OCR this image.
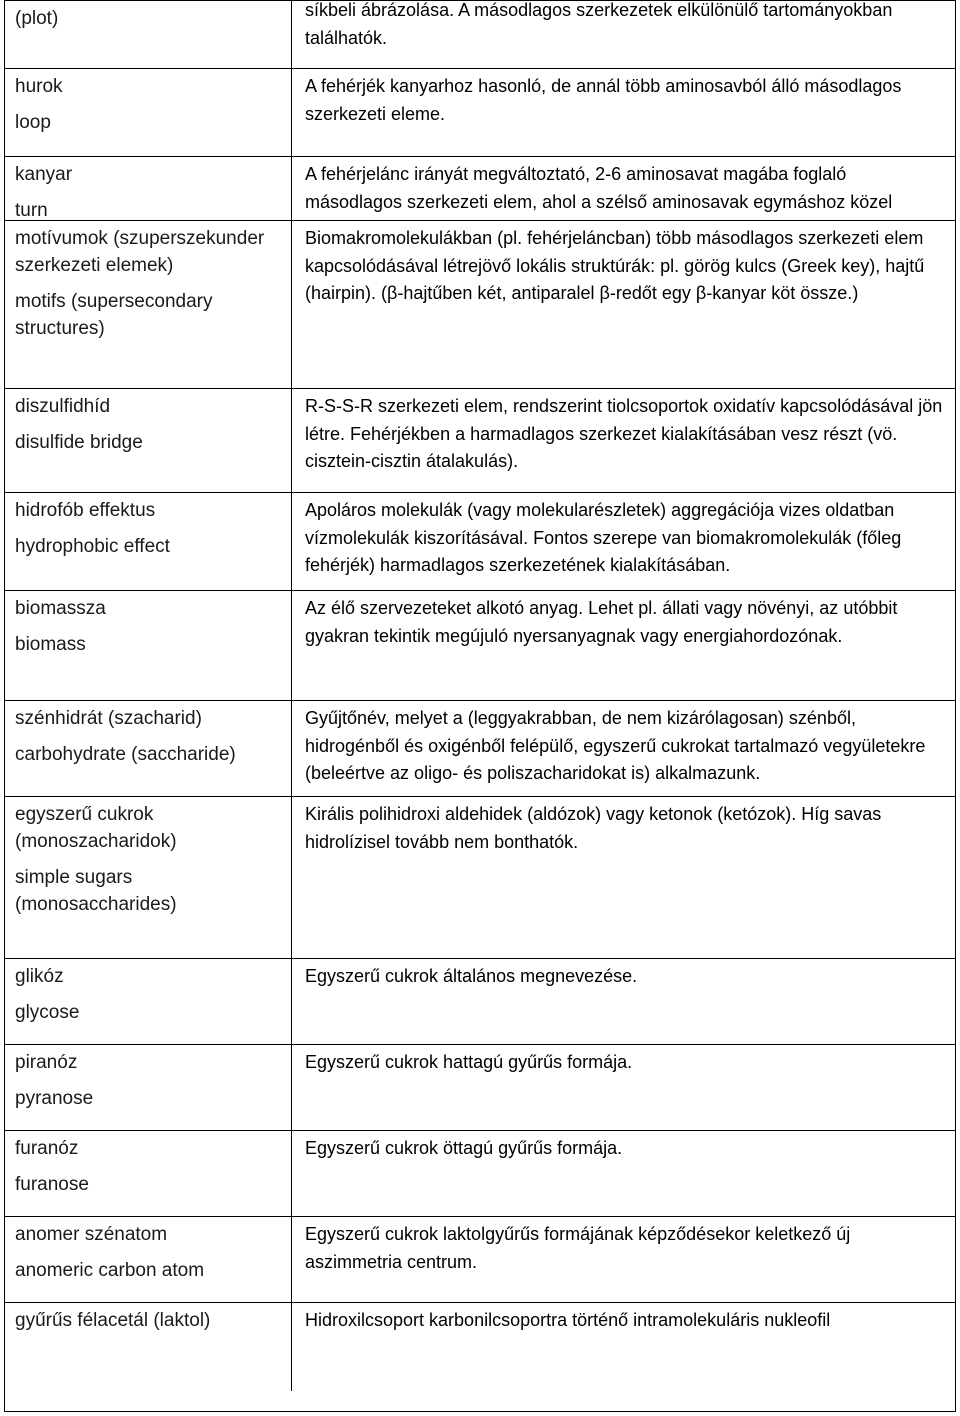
(plot)	síkbeli ábrázolása. A másodlagos szerkezetek elkülönülő tartományokban találhatók.

hurok

loop

A fehérjék kanyarhoz hasonló, de annál több aminosavból álló másodlagos szerkezeti eleme.

kanyar

turn

A fehérjelánc irányát megváltoztató, 2-6 aminosavat magába foglaló másodlagos szerkezeti elem, ahol a szélső aminosavak egymáshoz közel

motívumok (szuperszekunder szerkezeti elemek)

motifs (supersecondary structures)

Biomakromolekulákban (pl. fehérjeláncban) több másodlagos szerkezeti elem kapcsolódásával létrejövő lokális struktúrák: pl. görög kulcs (Greek key), hajtű (hairpin). (β-hajtűben két, antiparalel β-redőt egy β-kanyar köt össze.)

diszulfidhíd

disulfide bridge

R-S-S-R szerkezeti elem, rendszerint tiolcsoportok oxidatív kapcsolódásával jön létre. Fehérjékben a harmadlagos szerkezet kialakításában vesz részt (vö. cisztein-cisztin átalakulás).

hidrofób effektus

hydrophobic effect

Apoláros molekulák (vagy molekularészletek) aggregációja vizes oldatban vízmolekulák kiszorításával. Fontos szerepe van biomakromolekulák (főleg fehérjék) harmadlagos szerkezetének kialakításában.

biomassza

biomass

Az élő szervezeteket alkotó anyag. Lehet pl. állati vagy növényi, az utóbbit gyakran tekintik megújuló nyersanyagnak vagy energiahordozónak.

szénhidrát (szacharid)

carbohydrate (saccharide)

Gyűjtőnév, melyet a (leggyakrabban, de nem kizárólagosan) szénből, hidrogénből és oxigénből felépülő, egyszerű cukrokat tartalmazó vegyületekre (beleértve az oligo- és poliszacharidokat is) alkalmazunk.

egyszerű cukrok (monoszacharidok)

simple sugars (monosaccharides)

Királis polihidroxi aldehidek (aldózok) vagy ketonok (ketózok). Híg savas hidrolízisel tovább nem bonthatók.

glikóz

glycose

Egyszerű cukrok általános megnevezése.

piranóz

pyranose

Egyszerű cukrok hattagú gyűrűs formája.

furanóz

furanose

Egyszerű cukrok öttagú gyűrűs formája.

anomer szénatom

anomeric carbon atom

Egyszerű cukrok laktolgyűrűs formájának képződésekor keletkező új aszimmetria centrum.

gyűrűs félacetál (laktol)	Hidroxilcsoport karbonilcsoportra történő intramolekuláris nukleofil
